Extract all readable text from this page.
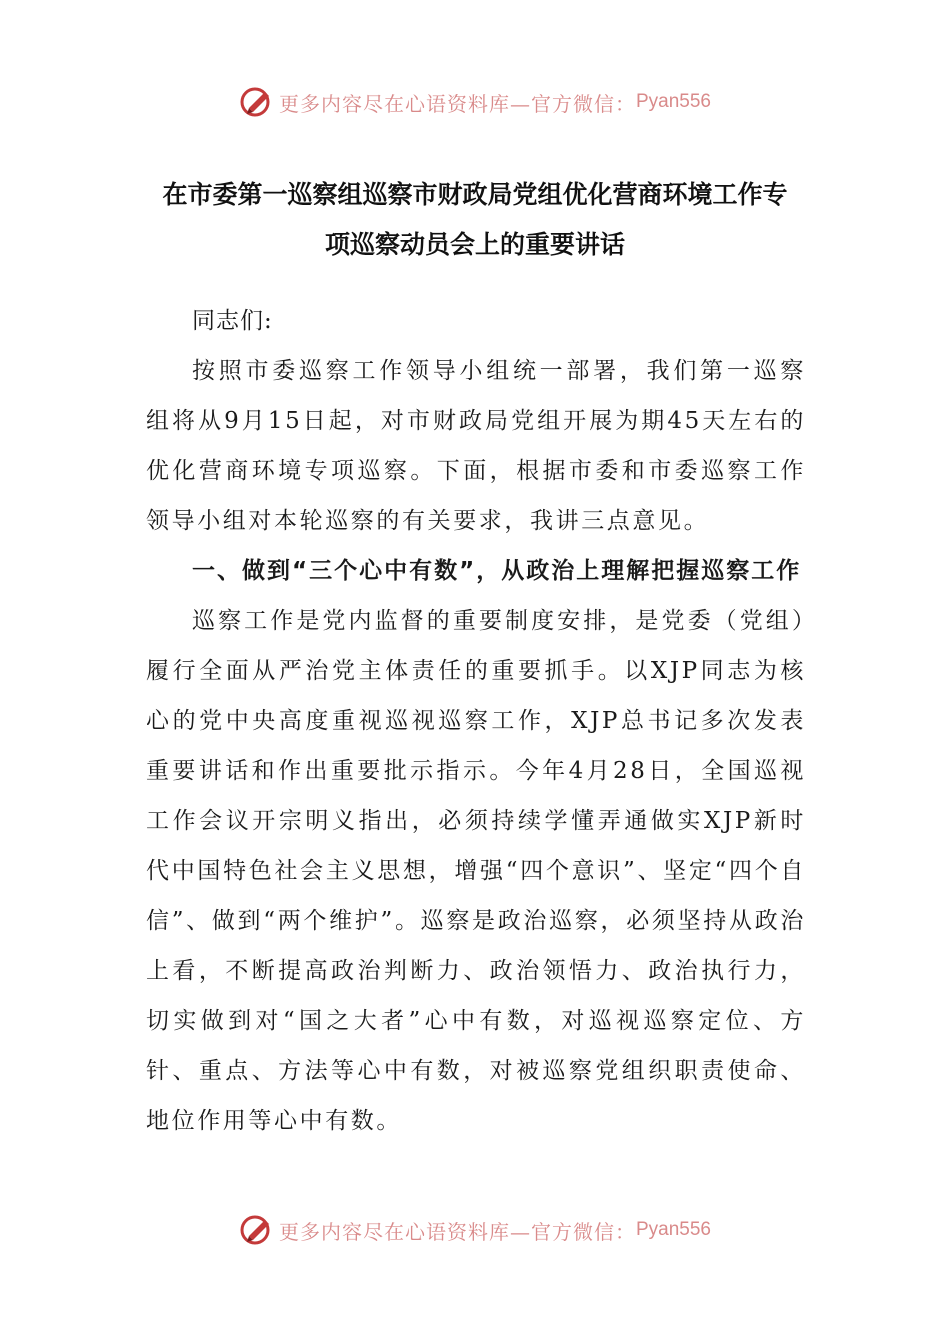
更多内容尽在心语资料库—官方微信： Pyan556
在市委第一巡察组巡察市财政局党组优化营商环境工作专
项巡察动员会上的重要讲话

同志们:

按照市委巡察工作领导小组统一部署，我们第一巡察组将从9月15日起，对市财政局党组开展为期45天左右的优化营商环境专项巡察。下面，根据市委和市委巡察工作领导小组对本轮巡察的有关要求，我讲三点意见。

一、做到“三个心中有数”，从政治上理解把握巡察工作

巡察工作是党内监督的重要制度安排，是党委（党组）履行全面从严治党主体责任的重要抓手。以XJP同志为核心的党中央高度重视巡视巡察工作，XJP总书记多次发表重要讲话和作出重要批示指示。今年4月28日，全国巡视工作会议开宗明义指出，必须持续学懂弄通做实XJP新时代中国特色社会主义思想，增强“四个意识”、坚定“四个自信”、做到“两个维护”。巡察是政治巡察，必须坚持从政治上看，不断提高政治判断力、政治领悟力、政治执行力，切实做到对“国之大者”心中有数，对巡视巡察定位、方针、重点、方法等心中有数，对被巡察党组织职责使命、地位作用等心中有数。

更多内容尽在心语资料库—官方微信： Pyan556
